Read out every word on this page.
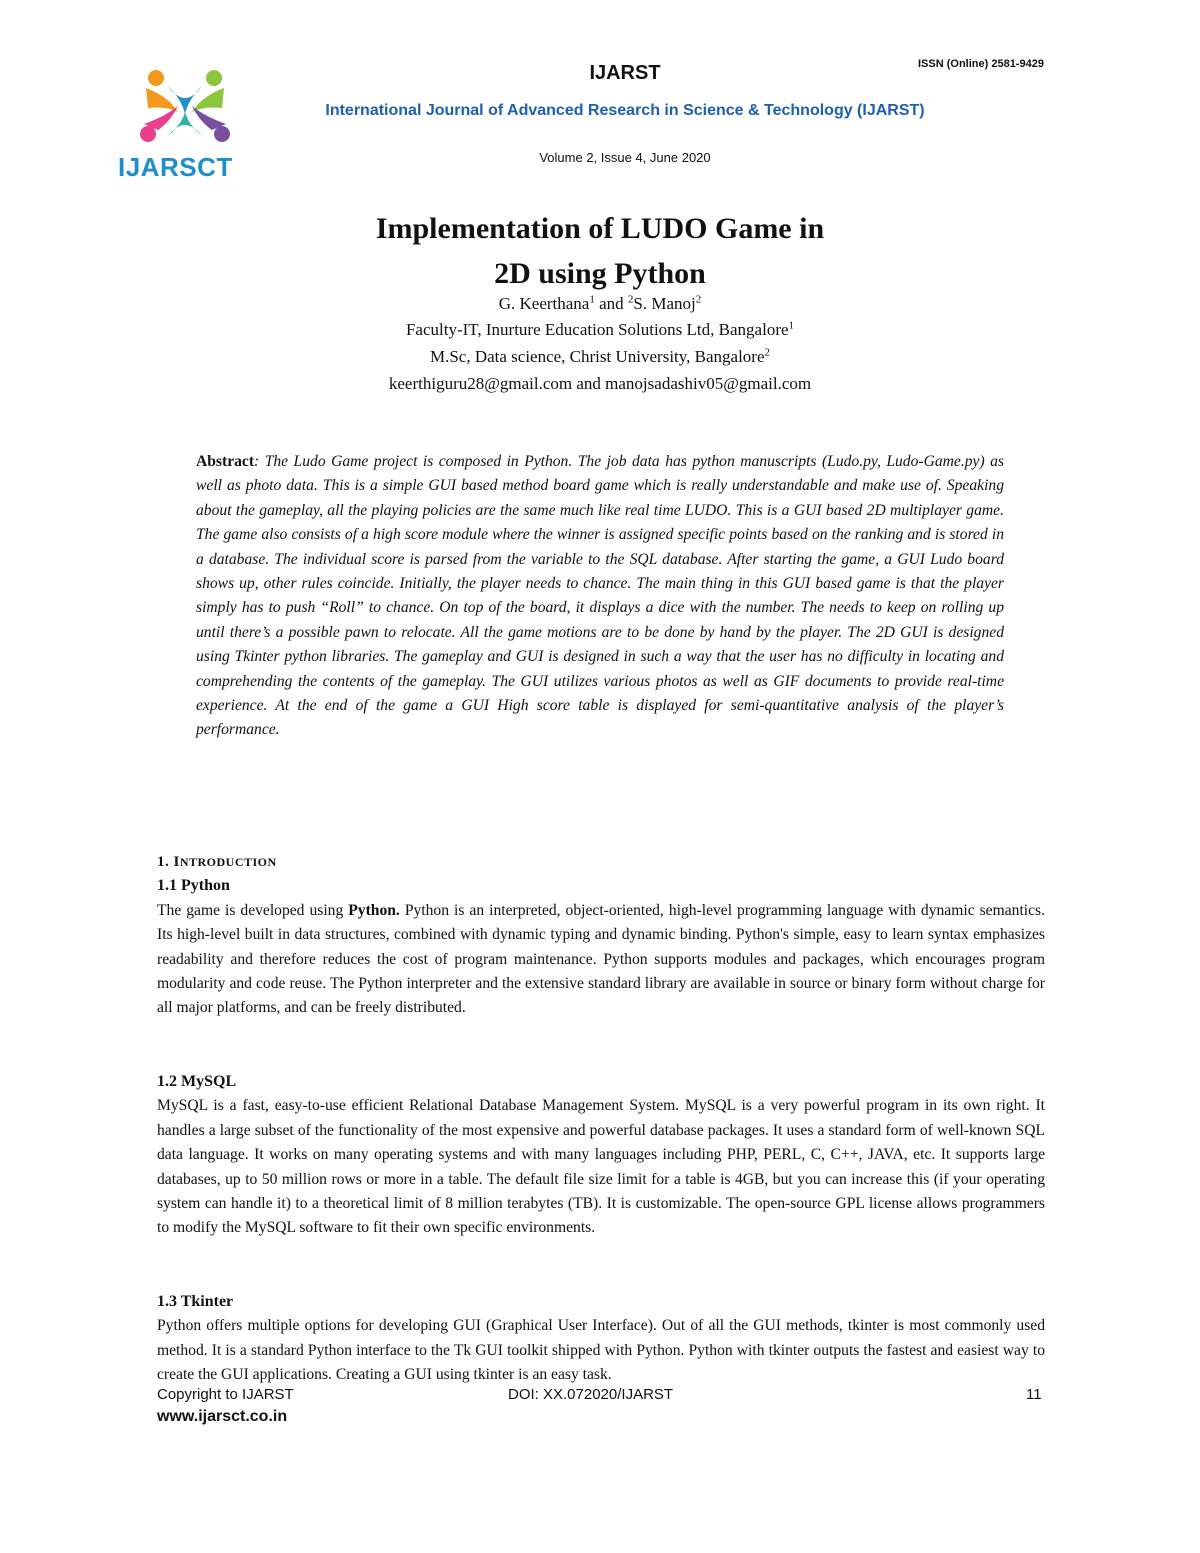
IJARSCT
IJARST	ISSN (Online) 2581-9429
International Journal of Advanced Research in Science & Technology (IJARST)
Volume 2, Issue 4, June 2020
Implementation of LUDO Game in
2D using Python
G. Keerthana$^1$ and $^2$S. Manoj$^2$
Faculty-IT, Inurture Education Solutions Ltd, Bangalore$^1$
M.Sc, Data science, Christ University, Bangalore$^2$
keerthiguru28@gmail.com and manojsadashiv05@gmail.com
Abstract: The Ludo Game project is composed in Python. The job data has python manuscripts (Ludo.py, Ludo-Game.py) as well as photo data. This is a simple GUI based method board game which is really understandable and make use of. Speaking about the gameplay, all the playing policies are the same much like real time LUDO. This is a GUI based 2D multiplayer game. The game also consists of a high score module where the winner is assigned specific points based on the ranking and is stored in a database. The individual score is parsed from the variable to the SQL database. After starting the game, a GUI Ludo board shows up, other rules coincide. Initially, the player needs to chance. The main thing in this GUI based game is that the player simply has to push “Roll” to chance. On top of the board, it displays a dice with the number. The needs to keep on rolling up until there’s a possible pawn to relocate. All the game motions are to be done by hand by the player. The 2D GUI is designed using Tkinter python libraries. The gameplay and GUI is designed in such a way that the user has no difficulty in locating and comprehending the contents of the gameplay. The GUI utilizes various photos as well as GIF documents to provide real-time experience. At the end of the game a GUI High score table is displayed for semi-quantitative analysis of the player’s performance.
1. INTRODUCTION
1.1 Python
The game is developed using Python. Python is an interpreted, object-oriented, high-level programming language with dynamic semantics. Its high-level built in data structures, combined with dynamic typing and dynamic binding. Python's simple, easy to learn syntax emphasizes readability and therefore reduces the cost of program maintenance. Python supports modules and packages, which encourages program modularity and code reuse. The Python interpreter and the extensive standard library are available in source or binary form without charge for all major platforms, and can be freely distributed.
1.2 MySQL
MySQL is a fast, easy-to-use efficient Relational Database Management System. MySQL is a very powerful program in its own right. It handles a large subset of the functionality of the most expensive and powerful database packages. It uses a standard form of well-known SQL data language. It works on many operating systems and with many languages including PHP, PERL, C, C++, JAVA, etc. It supports large databases, up to 50 million rows or more in a table. The default file size limit for a table is 4GB, but you can increase this (if your operating system can handle it) to a theoretical limit of 8 million terabytes (TB). It is customizable. The open-source GPL license allows programmers to modify the MySQL software to fit their own specific environments.
1.3 Tkinter
Python offers multiple options for developing GUI (Graphical User Interface). Out of all the GUI methods, tkinter is most commonly used method. It is a standard Python interface to the Tk GUI toolkit shipped with Python. Python with tkinter outputs the fastest and easiest way to create the GUI applications. Creating a GUI using tkinter is an easy task.
Copyright to IJARST	DOI: XX.072020/IJARST	11
www.ijarsct.co.in
